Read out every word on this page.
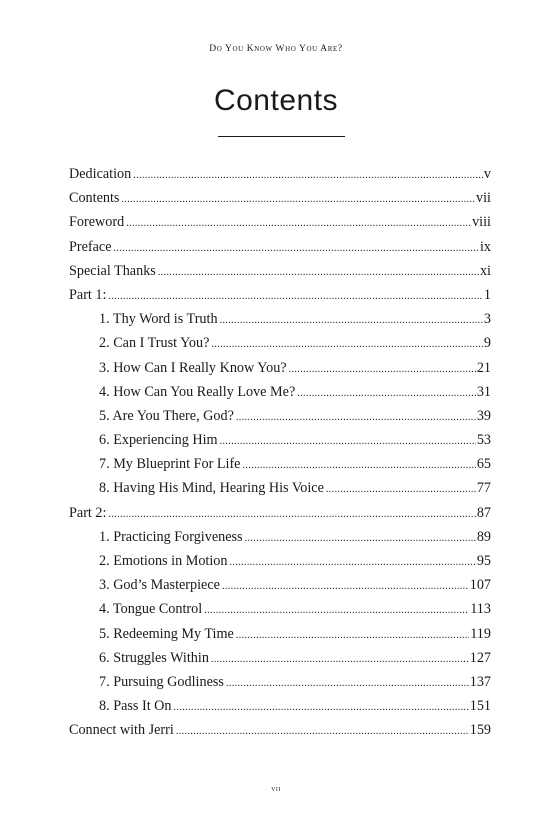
Do You Know Who You Are?
Contents
Dedication .....	v
Contents .....	vii
Foreword .....	viii
Preface .....	ix
Special Thanks .....	xi
Part 1: .....	1
1. Thy Word is Truth .....	3
2. Can I Trust You? .....	9
3. How Can I Really Know You? .....	21
4. How Can You Really Love Me? .....	31
5. Are You There, God? .....	39
6. Experiencing Him .....	53
7. My Blueprint For Life .....	65
8. Having His Mind, Hearing His Voice .....	77
Part 2: .....	87
1. Practicing Forgiveness .....	89
2. Emotions in Motion .....	95
3. God’s Masterpiece .....	107
4. Tongue Control .....	113
5. Redeeming My Time .....	119
6. Struggles Within .....	127
7. Pursuing Godliness .....	137
8. Pass It On .....	151
Connect with Jerri .....	159
vii
